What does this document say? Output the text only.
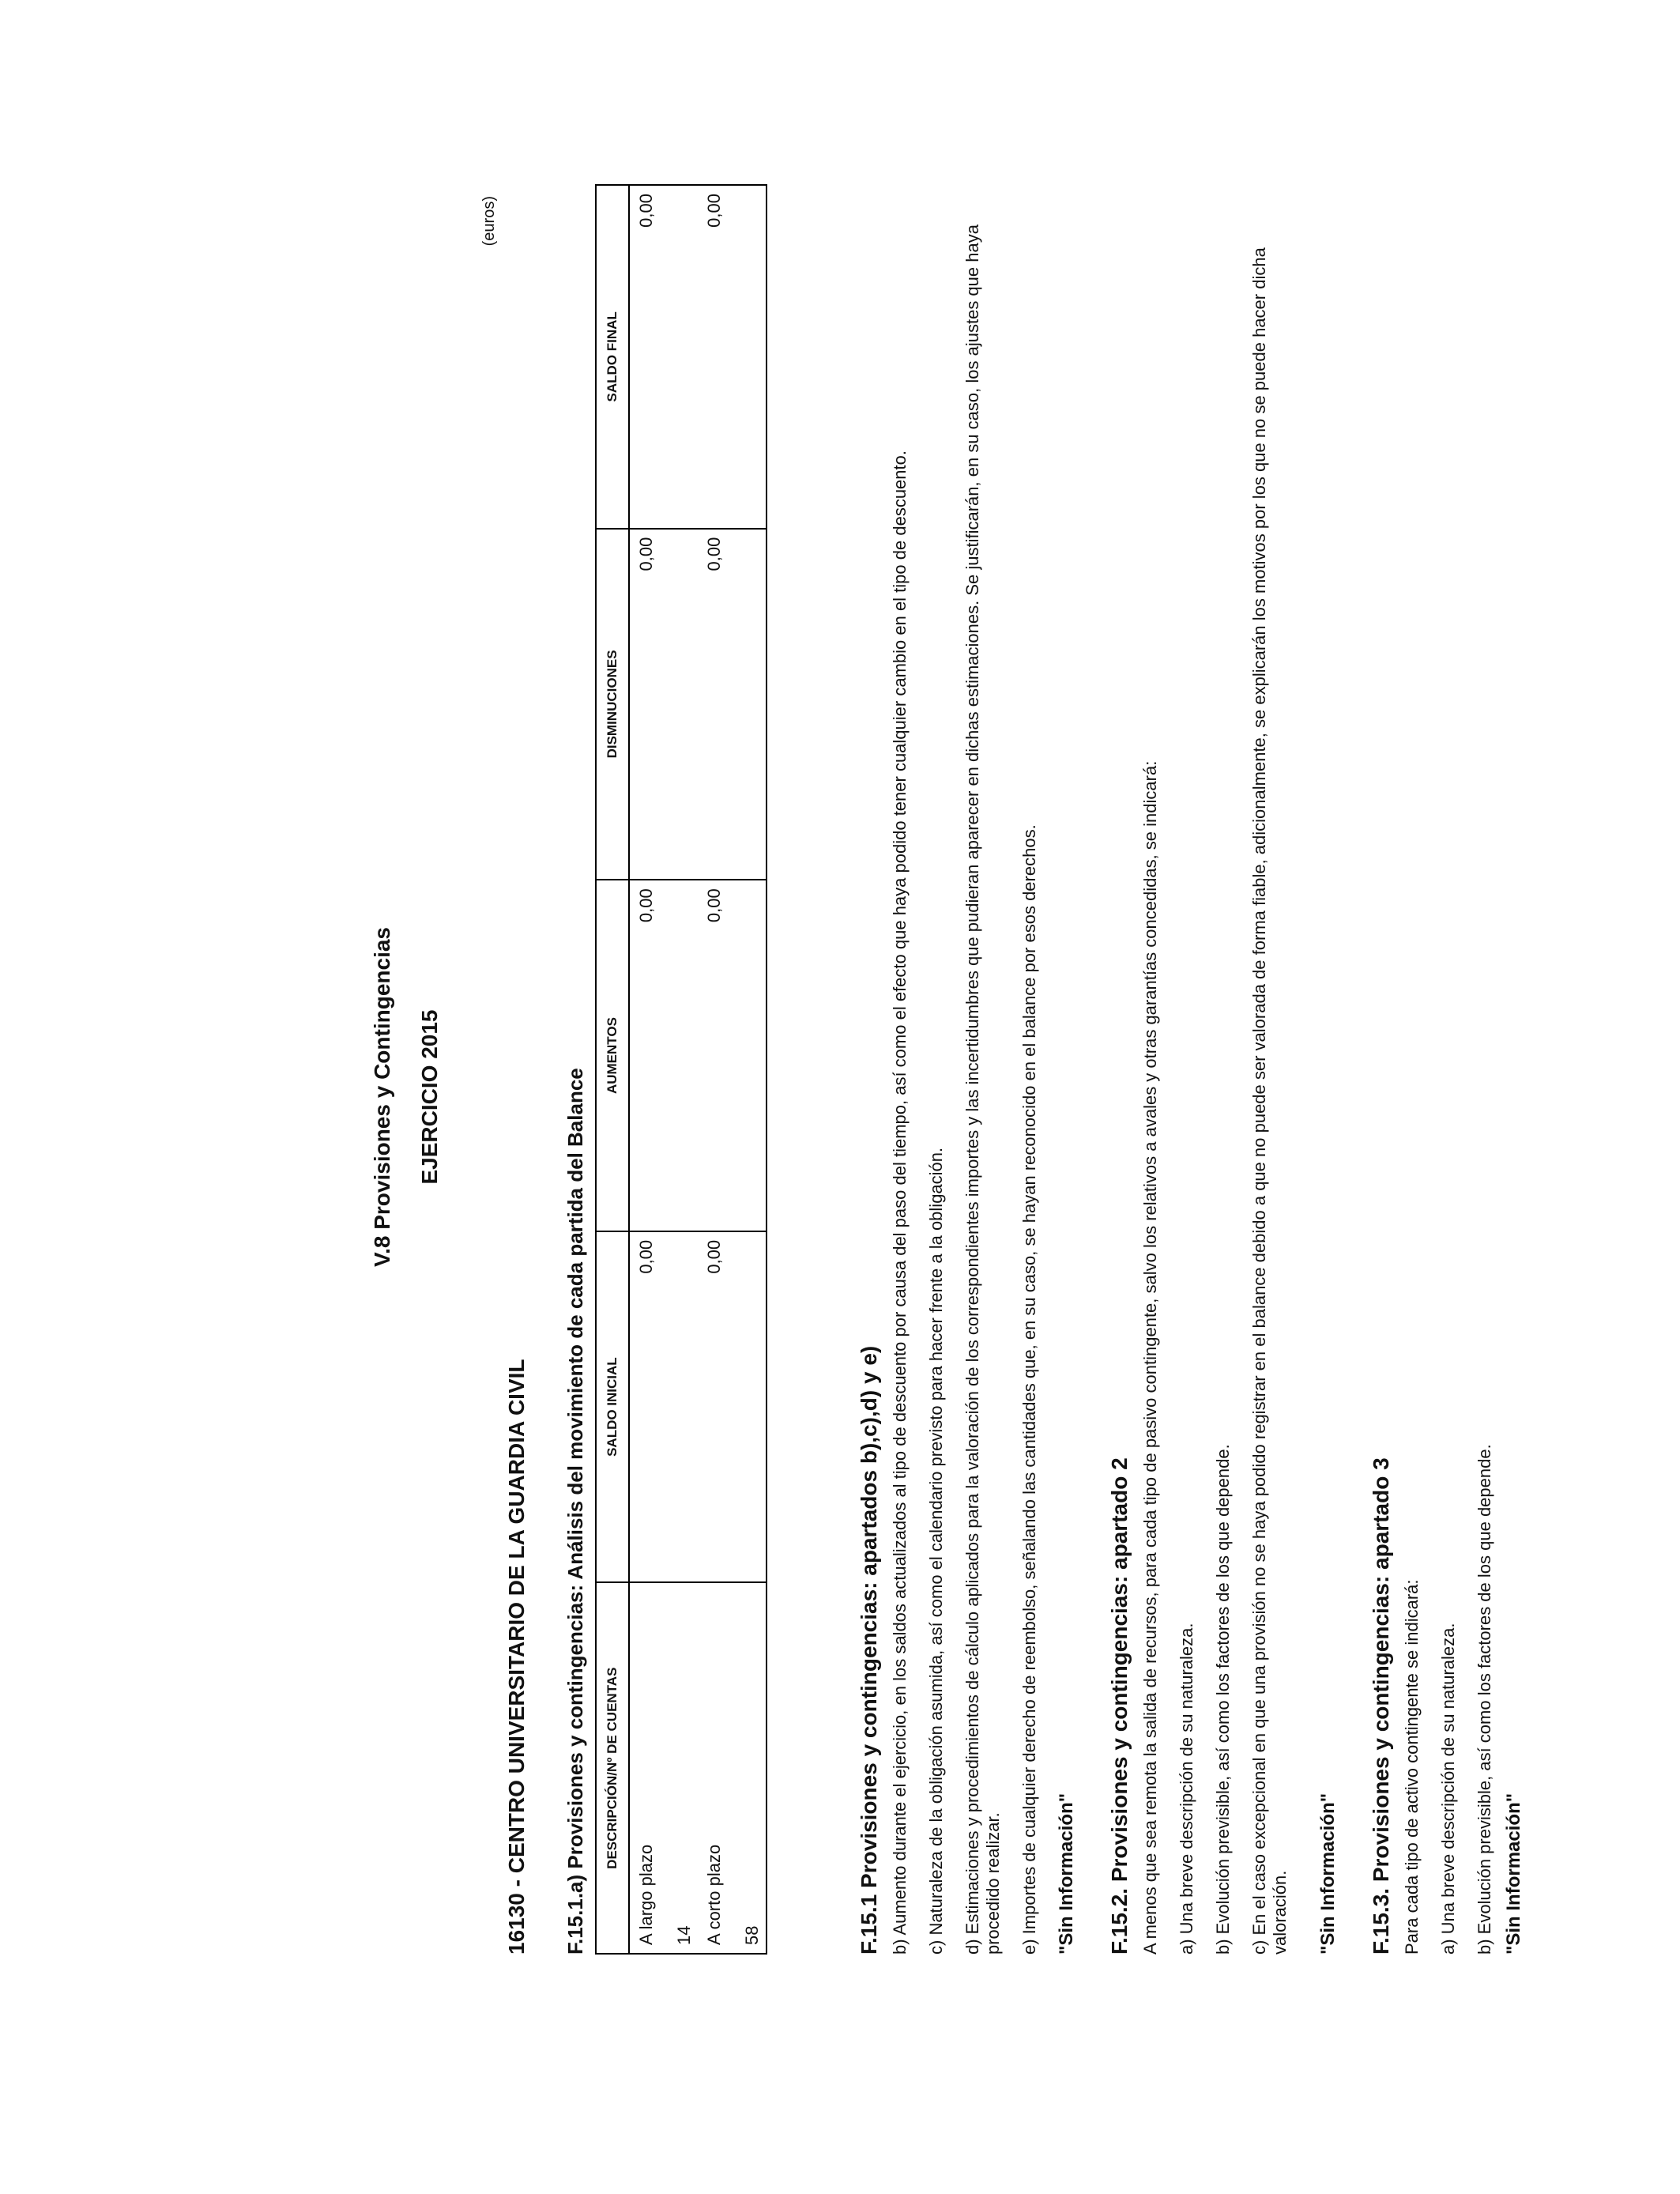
V.8 Provisiones y Contingencias EJERCICIO 2015
(euros)
16130 - CENTRO UNIVERSITARIO DE LA GUARDIA CIVIL F.15.1.a) Provisiones y contingencias: Análisis del movimiento de cada partida del Balance DESCRIPCIÓN/Nº DE CUENTAS	SALDO INICIAL	AUMENTOS	DISMINUCIONES	SALDO FINAL
A largo plazo 14	0,00	0,00	0,00	0,00
A corto plazo 58	0,00	0,00	0,00	0,00
F.15.1 Provisiones y contingencias: apartados b),c),d) y e) b) Aumento durante el ejercicio, en los saldos actualizados al tipo de descuento por causa del paso del tiempo, así como el efecto que haya podido tener cualquier cambio en el tipo de descuento. c) Naturaleza de la obligación asumida, así como el calendario previsto para hacer frente a la obligación. d) Estimaciones y procedimientos de cálculo aplicados para la valoración de los correspondientes importes y las incertidumbres que pudieran aparecer en dichas estimaciones. Se justificarán, en su caso, los ajustes que haya procedido realizar. e) Importes de cualquier derecho de reembolso, señalando las cantidades que, en su caso, se hayan reconocido en el balance por esos derechos. "Sin Información" F.15.2. Provisiones y contingencias: apartado 2 A menos que sea remota la salida de recursos, para cada tipo de pasivo contingente, salvo los relativos a avales y otras garantías concedidas, se indicará: a) Una breve descripción de su naturaleza. b) Evolución previsible, así como los factores de los que depende. c) En el caso excepcional en que una provisión no se haya podido registrar en el balance debido a que no puede ser valorada de forma fiable, adicionalmente, se explicarán los motivos por los que no se puede hacer dicha valoración. "Sin Información" F.15.3. Provisiones y contingencias: apartado 3 Para cada tipo de activo contingente se indicará: a) Una breve descripción de su naturaleza. b) Evolución previsible, así como los factores de los que depende. "Sin Información"
